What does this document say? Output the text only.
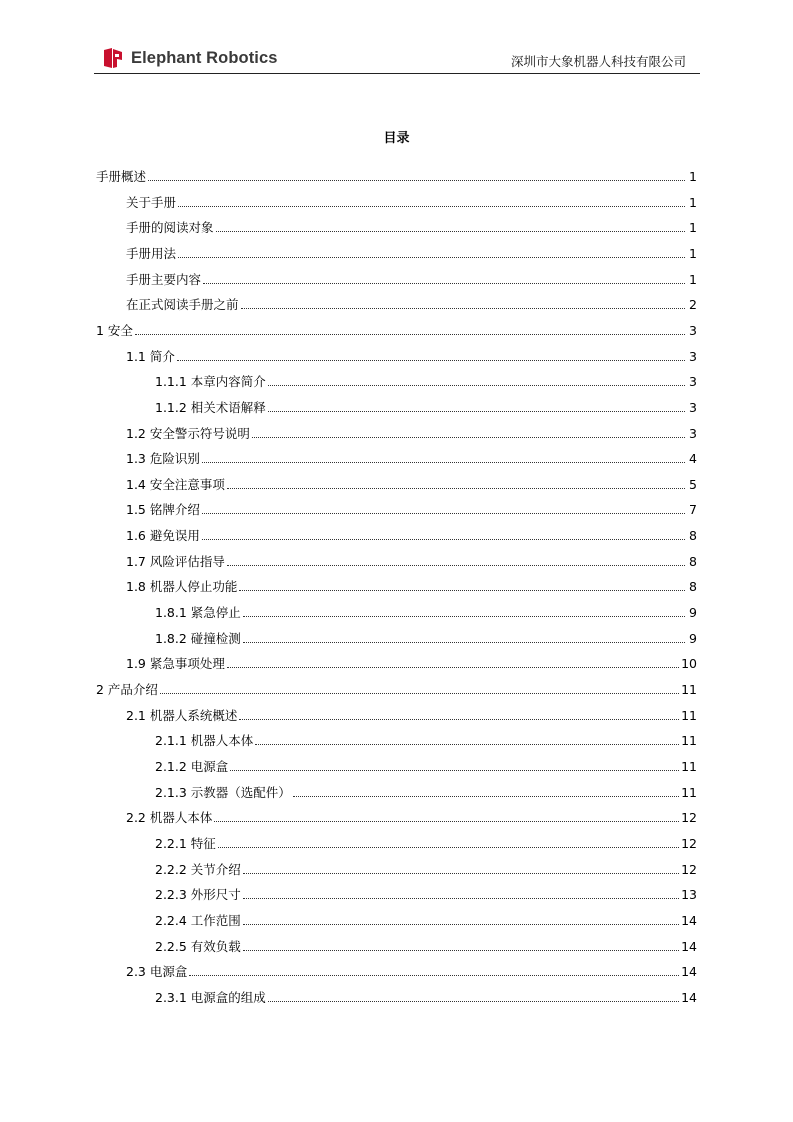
Elephant Robotics	深圳市大象机器人科技有限公司
目录
手册概述	1
关于手册	1
手册的阅读对象	1
手册用法	1
手册主要内容	1
在正式阅读手册之前	2
1 安全	3
1.1 简介	3
1.1.1 本章内容简介	3
1.1.2 相关术语解释	3
1.2 安全警示符号说明	3
1.3 危险识别	4
1.4 安全注意事项	5
1.5 铭牌介绍	7
1.6 避免误用	8
1.7 风险评估指导	8
1.8 机器人停止功能	8
1.8.1 紧急停止	9
1.8.2 碰撞检测	9
1.9 紧急事项处理	10
2 产品介绍	11
2.1 机器人系统概述	11
2.1.1 机器人本体	11
2.1.2 电源盒	11
2.1.3 示教器（选配件）	11
2.2 机器人本体	12
2.2.1 特征	12
2.2.2 关节介绍	12
2.2.3 外形尺寸	13
2.2.4 工作范围	14
2.2.5 有效负载	14
2.3 电源盒	14
2.3.1 电源盒的组成	14
